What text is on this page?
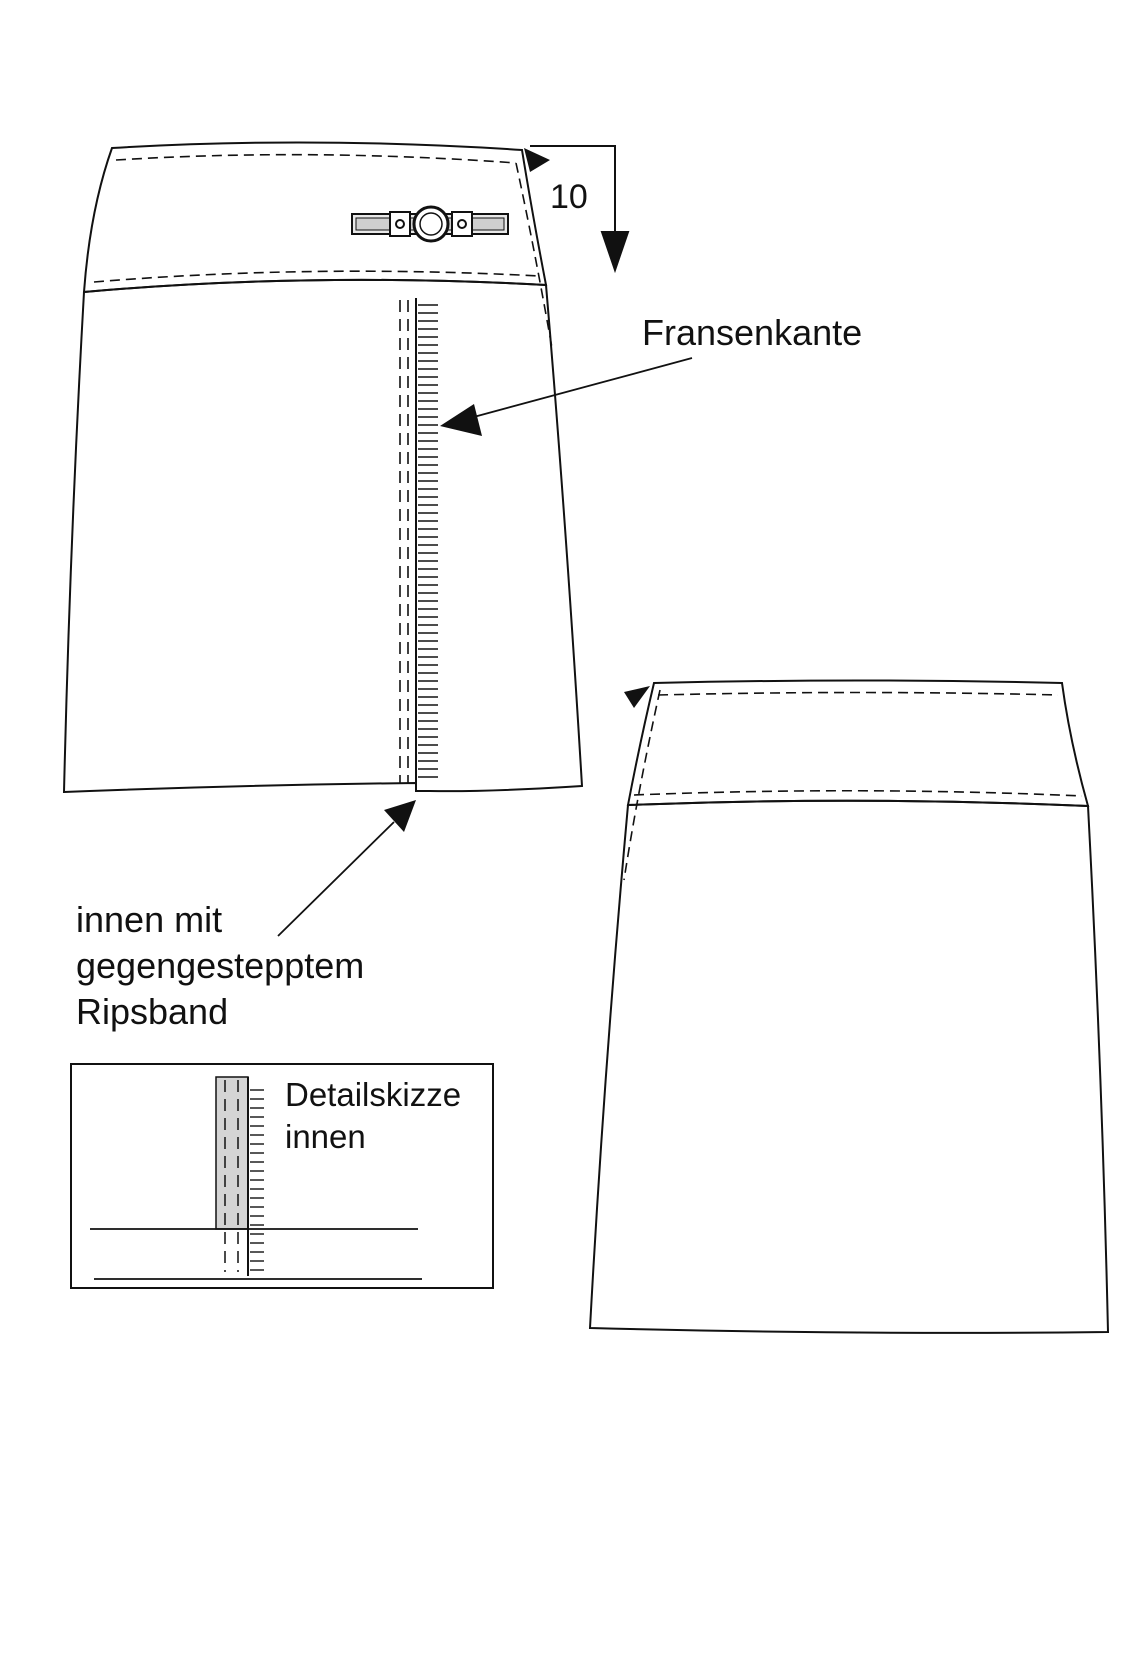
10
Fransenkante
innen mit
gegengestepptem
Ripsband
Detailskizze
innen
